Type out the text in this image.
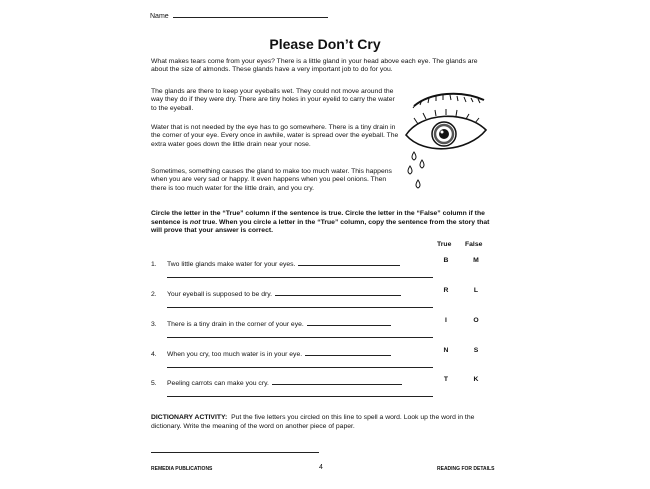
Name
Please Don’t Cry
What makes tears come from your eyes? There is a little gland in your head above each eye. The glands are about the size of almonds. These glands have a very important job to do for you.
The glands are there to keep your eyeballs wet. They could not move around the way they do if they were dry. There are tiny holes in your eyelid to carry the water to the eyeball.
Water that is not needed by the eye has to go somewhere. There is a tiny drain in the corner of your eye. Every once in awhile, water is spread over the eyeball. The extra water goes down the little drain near your nose.
Sometimes, something causes the gland to make too much water. This happens when you are very sad or happy. It even happens when you peel onions. Then there is too much water for the little drain, and you cry.
Circle the letter in the “True” column if the sentence is true. Circle the letter in the “False” column if the sentence is not true. When you circle a letter in the “True” column, copy the sentence from the story that will prove that your answer is correct.
True False
1. Two little glands make water for your eyes.
B	M
2. Your eyeball is supposed to be dry.
R	L
3. There is a tiny drain in the corner of your eye.
I	O
4. When you cry, too much water is in your eye.
N	S
5. Peeling carrots can make you cry.
T	K
DICTIONARY ACTIVITY: Put the five letters you circled on this line to spell a word. Look up the word in the dictionary. Write the meaning of the word on another piece of paper.
REMEDIA PUBLICATIONS	4	READING FOR DETAILS
